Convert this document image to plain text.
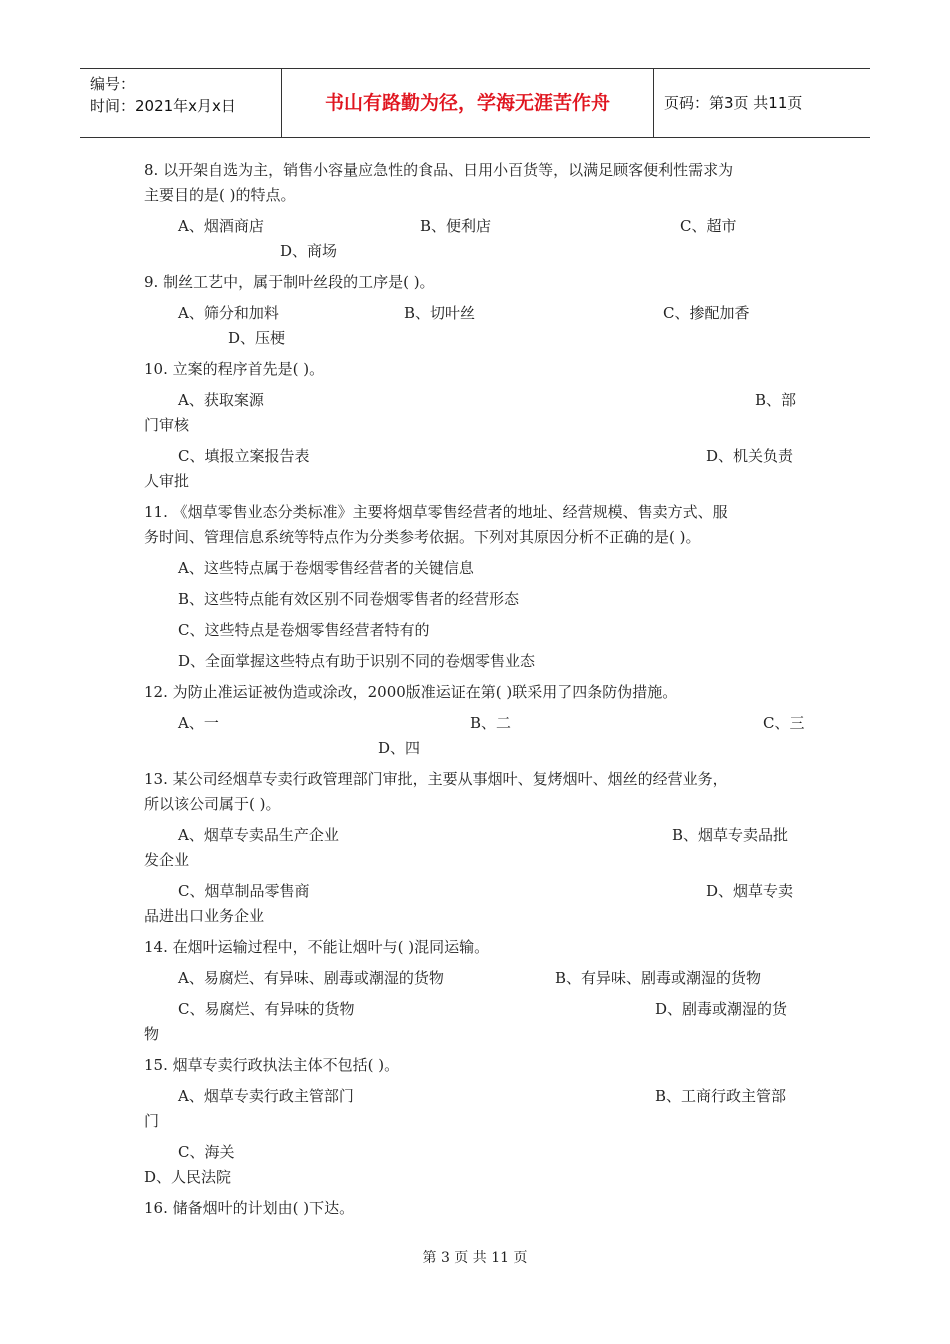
编号：
时间：2021年x月x日	书山有路勤为径，学海无涯苦作舟	页码：第3页 共11页
8. 以开架自选为主，销售小容量应急性的食品、日用小百货等，以满足顾客便利性需求为
主要目的是( )的特点。
A、烟酒商店	B、便利店	C、超市
D、商场
9. 制丝工艺中，属于制叶丝段的工序是( )。
A、筛分和加料	B、切叶丝	C、掺配加香
D、压梗
10. 立案的程序首先是( )。
A、获取案源	B、部
门审核
C、填报立案报告表	D、机关负责
人审批
11. 《烟草零售业态分类标准》主要将烟草零售经营者的地址、经营规模、售卖方式、服
务时间、管理信息系统等特点作为分类参考依据。下列对其原因分析不正确的是( )。
A、这些特点属于卷烟零售经营者的关键信息
B、这些特点能有效区别不同卷烟零售者的经营形态
C、这些特点是卷烟零售经营者特有的
D、全面掌握这些特点有助于识别不同的卷烟零售业态
12. 为防止准运证被伪造或涂改，2000版准运证在第( )联采用了四条防伪措施。
A、一	B、二	C、三
D、四
13. 某公司经烟草专卖行政管理部门审批，主要从事烟叶、复烤烟叶、烟丝的经营业务，
所以该公司属于( )。
A、烟草专卖品生产企业	B、烟草专卖品批
发企业
C、烟草制品零售商	D、烟草专卖
品进出口业务企业
14. 在烟叶运输过程中，不能让烟叶与( )混同运输。
A、易腐烂、有异味、剧毒或潮湿的货物	B、有异味、剧毒或潮湿的货物
C、易腐烂、有异味的货物	D、剧毒或潮湿的货
物
15. 烟草专卖行政执法主体不包括( )。
A、烟草专卖行政主管部门	B、工商行政主管部
门
C、海关
D、人民法院
16. 储备烟叶的计划由( )下达。
第 3 页 共 11 页
